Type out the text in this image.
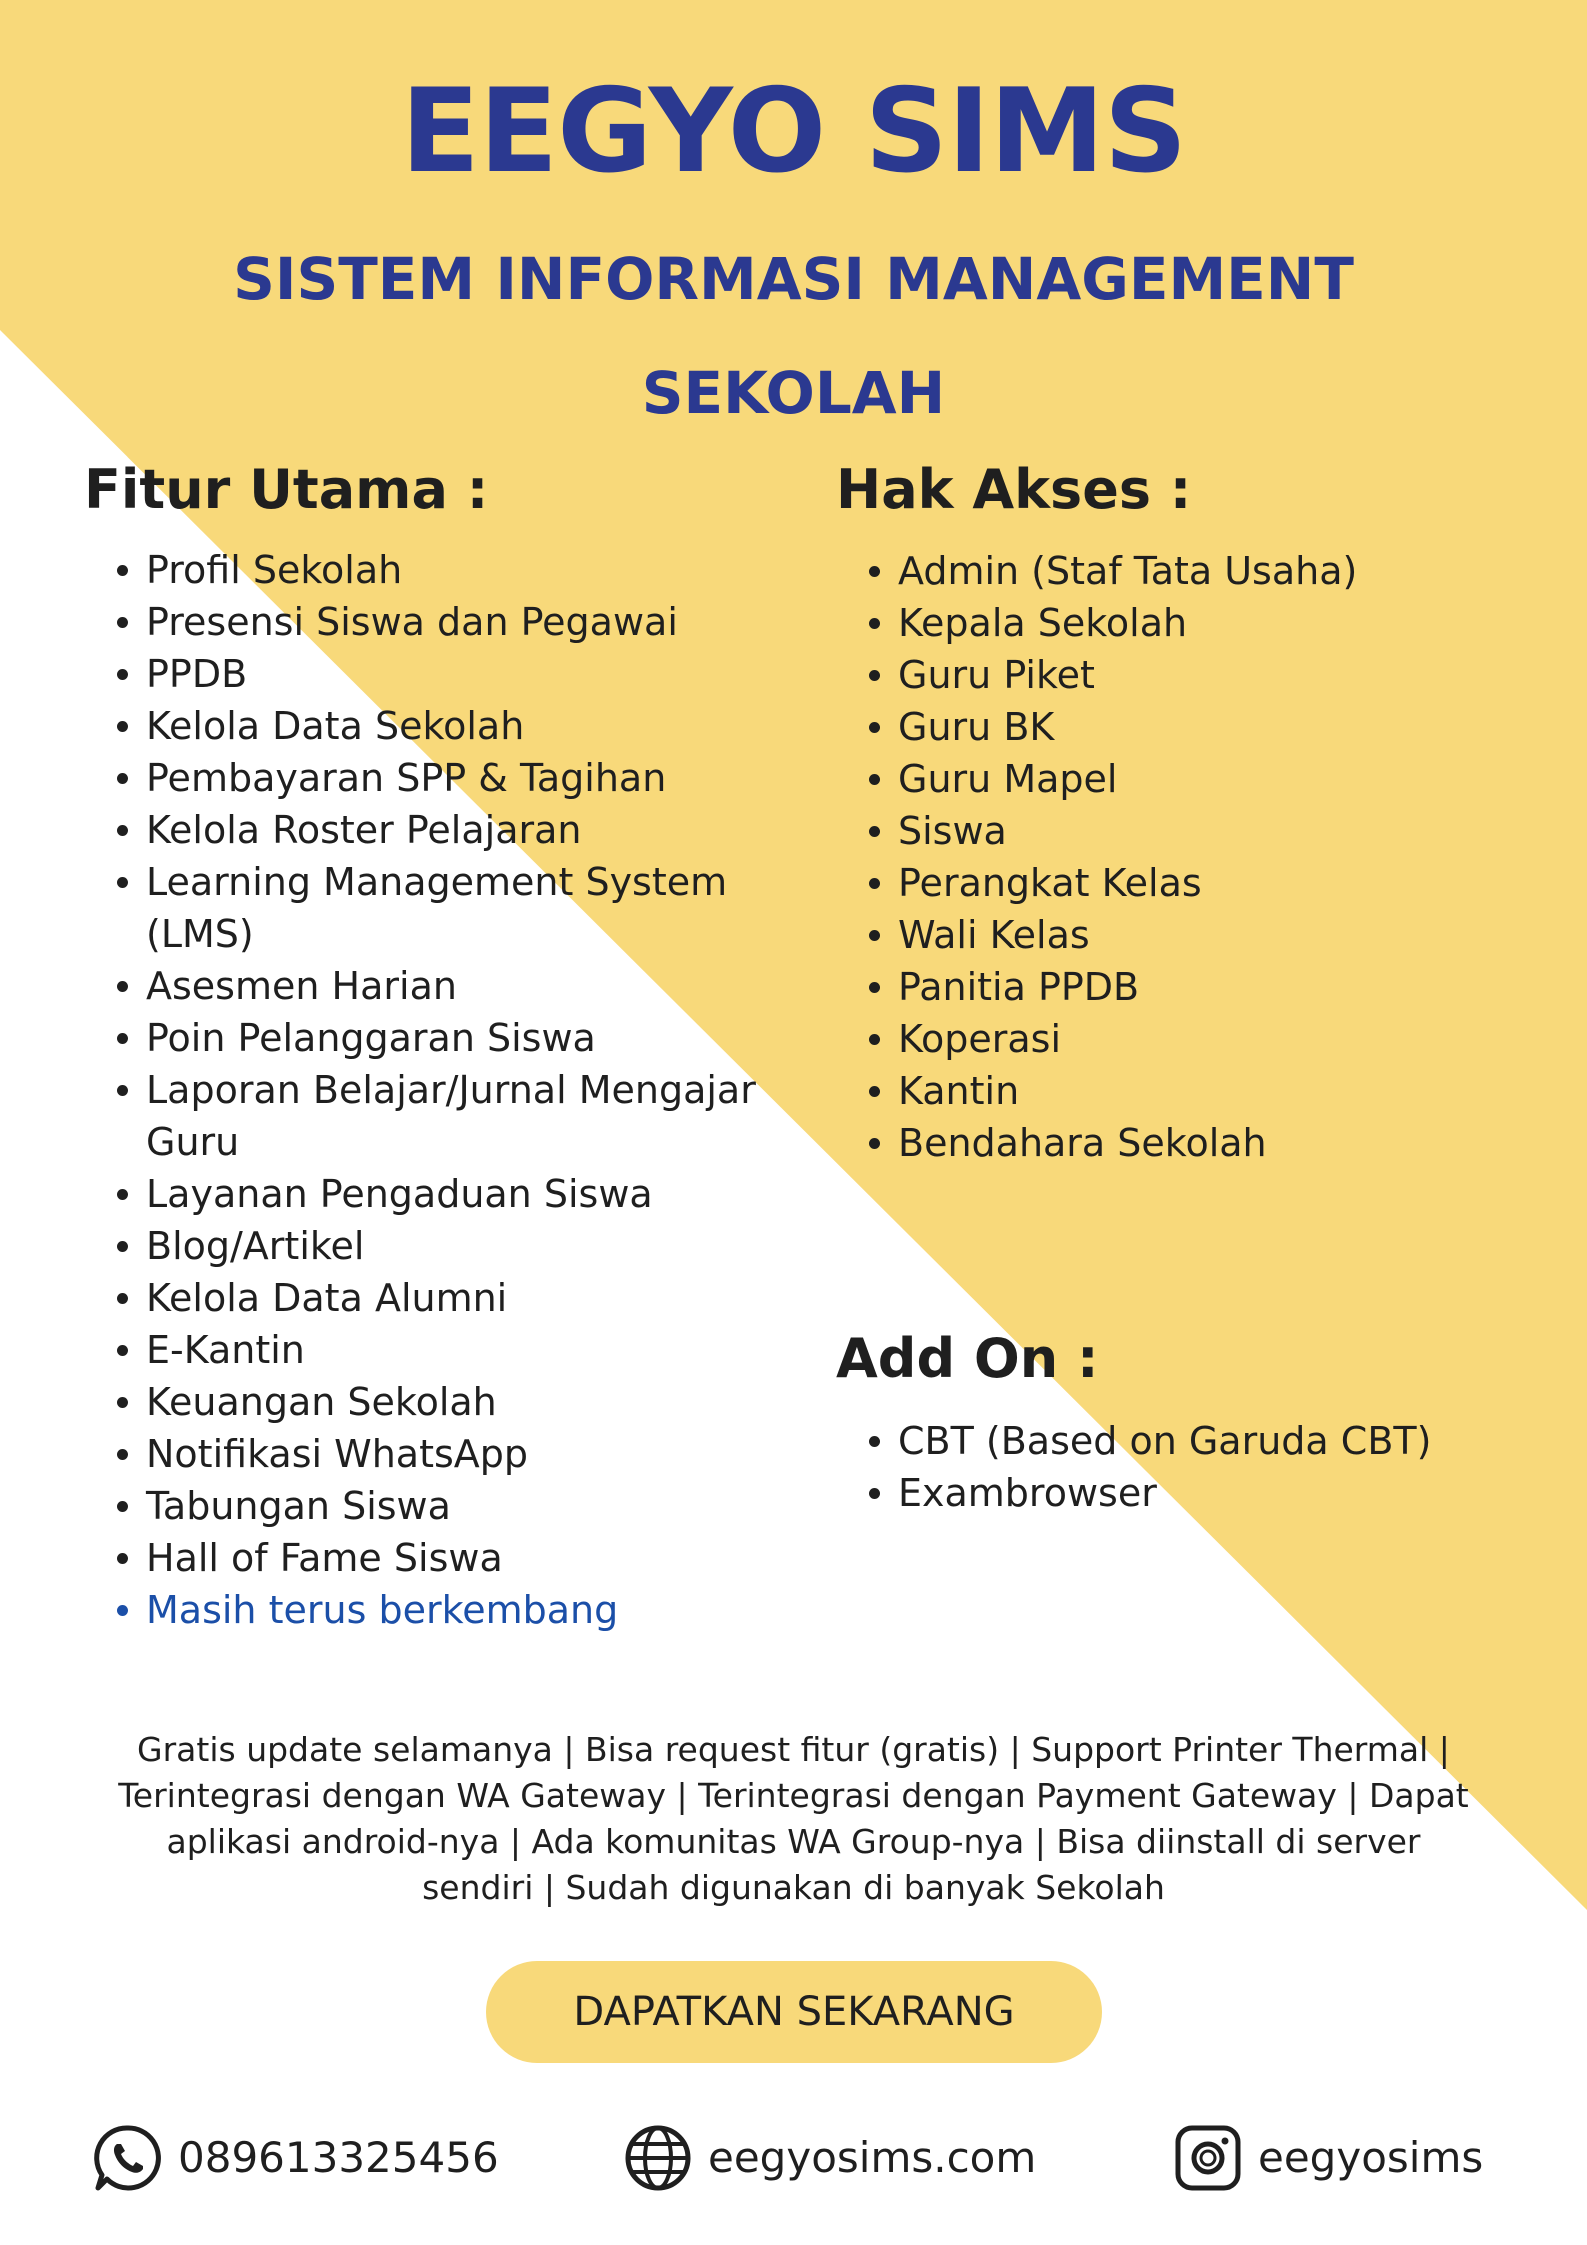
EEGYO SIMS
SISTEM INFORMASI MANAGEMENT SEKOLAH
Fitur Utama :
Profil Sekolah
Presensi Siswa dan Pegawai
PPDB
Kelola Data Sekolah
Pembayaran SPP & Tagihan
Kelola Roster Pelajaran
Learning Management System (LMS)
Asesmen Harian
Poin Pelanggaran Siswa
Laporan Belajar/Jurnal Mengajar Guru
Layanan Pengaduan Siswa
Blog/Artikel
Kelola Data Alumni
E-Kantin
Keuangan Sekolah
Notifikasi WhatsApp
Tabungan Siswa
Hall of Fame Siswa
Masih terus berkembang
Hak Akses :
Admin (Staf Tata Usaha)
Kepala Sekolah
Guru Piket
Guru BK
Guru Mapel
Siswa
Perangkat Kelas
Wali Kelas
Panitia PPDB
Koperasi
Kantin
Bendahara Sekolah
Add On :
CBT (Based on Garuda CBT)
Exambrowser
Gratis update selamanya | Bisa request fitur (gratis) | Support Printer Thermal | Terintegrasi dengan WA Gateway | Terintegrasi dengan Payment Gateway | Dapat aplikasi android-nya | Ada komunitas WA Group-nya | Bisa diinstall di server sendiri | Sudah digunakan di banyak Sekolah
DAPATKAN SEKARANG
089613325456	eegyosims.com	eegyosims
